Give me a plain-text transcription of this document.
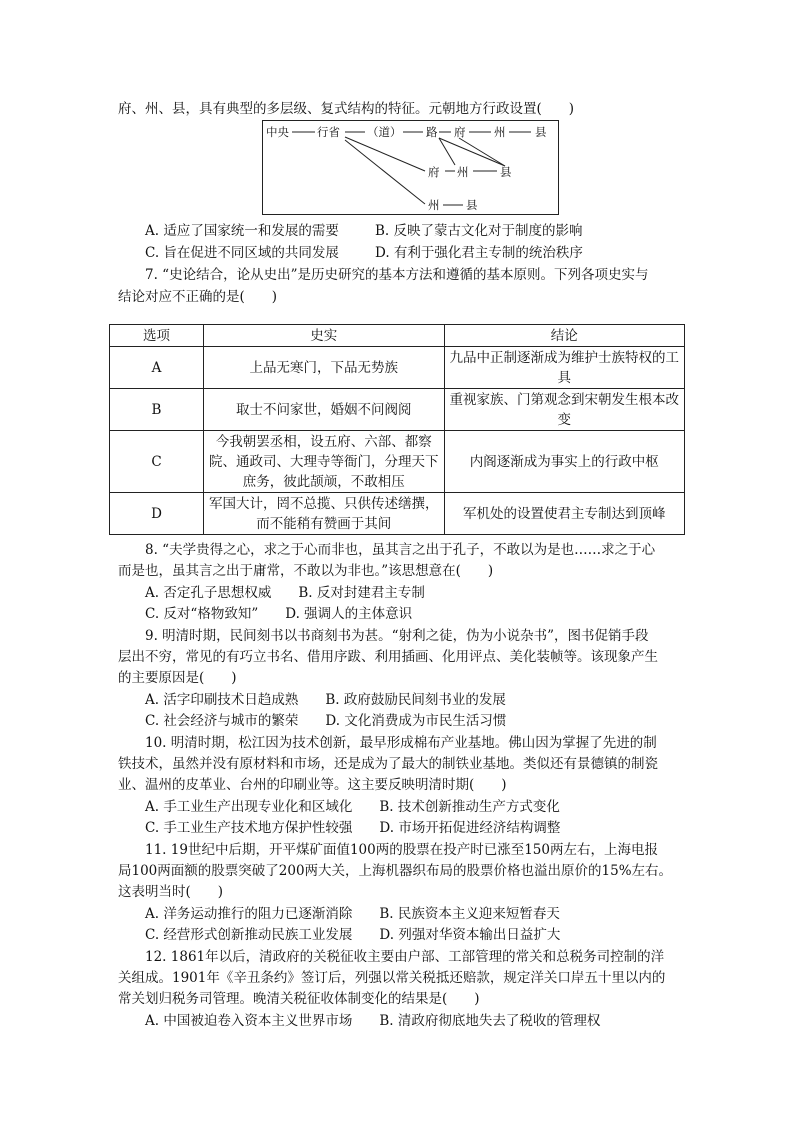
府、州、县，具有典型的多层级、复式结构的特征。元朝地方行政设置(　　)
中央 行省 （道） 路 府 州	县
府 州	县
州 县
A. 适应了国家统一和发展的需要	B. 反映了蒙古文化对于制度的影响
C. 旨在促进不同区域的共同发展	D. 有利于强化君主专制的统治秩序
7. “史论结合，论从史出”是历史研究的基本方法和遵循的基本原则。下列各项史实与
结论对应不正确的是(　　)
选项	史实	结论
A	上品无寒门，下品无势族	九品中正制逐渐成为维护士族特权的工具
B	取士不问家世，婚姻不问阀阅	重视家族、门第观念到宋朝发生根本改变
C	今我朝罢丞相，设五府、六部、都察院、通政司、大理寺等衙门，分理天下庶务，彼此颉颃，不敢相压	内阁逐渐成为事实上的行政中枢
D	军国大计，罔不总揽、只供传述缮撰，而不能稍有赞画于其间	军机处的设置使君主专制达到顶峰
8. “夫学贵得之心，求之于心而非也，虽其言之出于孔子，不敢以为是也……求之于心
而是也，虽其言之出于庸常，不敢以为非也。”该思想意在(　　)
A. 否定孔子思想权威　　B. 反对封建君主专制
C. 反对“格物致知”　　D. 强调人的主体意识
9. 明清时期，民间刻书以书商刻书为甚。“射利之徒，伪为小说杂书”，图书促销手段
层出不穷，常见的有巧立书名、借用序跋、利用插画、化用评点、美化装帧等。该现象产生
的主要原因是(　　)
A. 活字印刷技术日趋成熟　　B. 政府鼓励民间刻书业的发展
C. 社会经济与城市的繁荣　　D. 文化消费成为市民生活习惯
10. 明清时期，松江因为技术创新，最早形成棉布产业基地。佛山因为掌握了先进的制
铁技术，虽然并没有原材料和市场，还是成为了最大的制铁业基地。类似还有景德镇的制瓷
业、温州的皮革业、台州的印刷业等。这主要反映明清时期(　　)
A. 手工业生产出现专业化和区域化　　B. 技术创新推动生产方式变化
C. 手工业生产技术地方保护性较强　　D. 市场开拓促进经济结构调整
11. 19世纪中后期，开平煤矿面值100两的股票在投产时已涨至150两左右，上海电报
局100两面额的股票突破了200两大关，上海机器织布局的股票价格也溢出原价的15%左右。
这表明当时(　　)
A. 洋务运动推行的阻力已逐渐消除　　B. 民族资本主义迎来短暂春天
C. 经营形式创新推动民族工业发展　　D. 列强对华资本输出日益扩大
12. 1861年以后，清政府的关税征收主要由户部、工部管理的常关和总税务司控制的洋
关组成。1901年《辛丑条约》签订后，列强以常关税抵还赔款，规定洋关口岸五十里以内的
常关划归税务司管理。晚清关税征收体制变化的结果是(　　)
A. 中国被迫卷入资本主义世界市场　　B. 清政府彻底地失去了税收的管理权
